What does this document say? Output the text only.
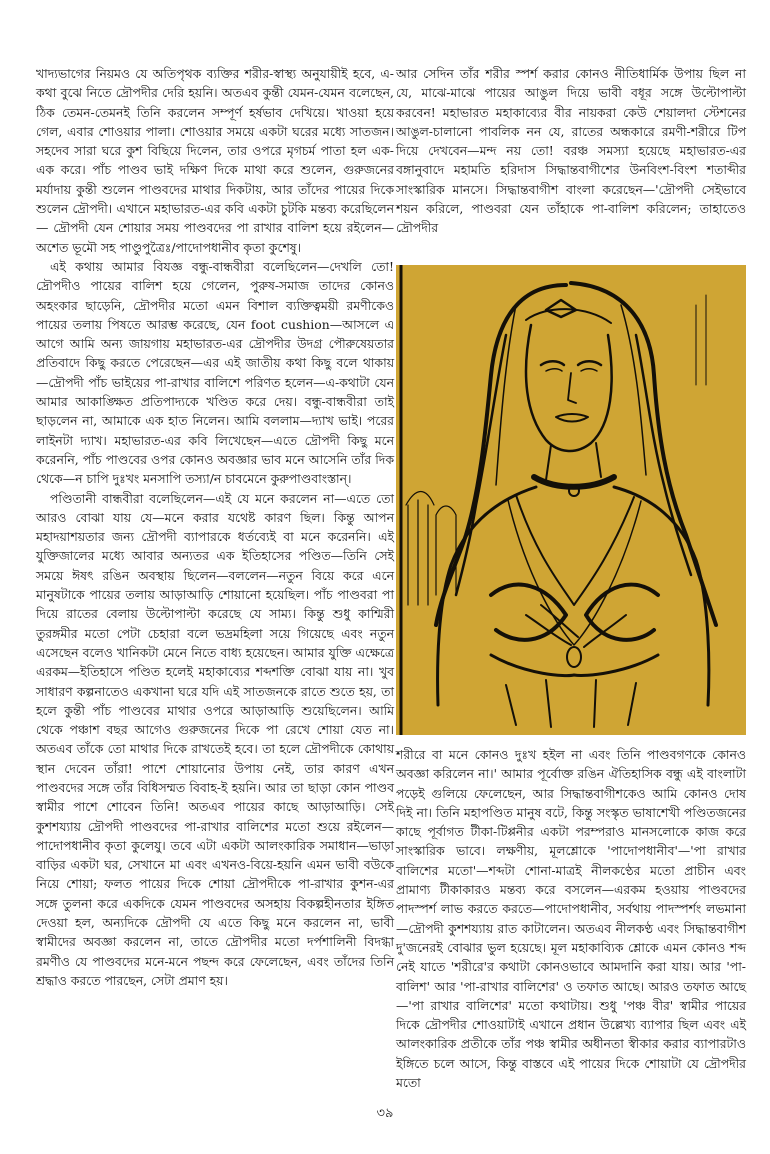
খাদ্যভাগের নিয়মও যে অতিপৃথক ব্যক্তির শরীর-স্বাস্থ্য অনুযায়ীই হবে, এ-কথা বুঝে নিতে দ্রৌপদীর দেরি হয়নি। অতএব কুন্তী যেমন-যেমন বলেছেন, ঠিক তেমন-তেমনই তিনি করলেন সম্পূর্ণ হর্ষভাব দেখিয়ে। খাওয়া হয়ে গেল, এবার শোওয়ার পালা। শোওয়ার সময়ে একটা ঘরের মধ্যে সাতজন। সহদেব সারা ঘরে কুশ বিছিয়ে দিলেন, তার ওপরে মৃগচর্ম পাতা হল এক-এক করে। পাঁচ পাণ্ডব ভাই দক্ষিণ দিকে মাথা করে শুলেন, গুরুজনের মর্যাদায় কুন্তী শুলেন পাণ্ডবদের মাথার দিকটায়, আর তাঁদের পায়ের দিকে শুলেন দ্রৌপদী। এখানে মহাভারত-এর কবি একটা চুটকি মন্তব্য করেছিলেন— দ্রৌপদী যেন শোয়ার সময় পাণ্ডবদের পা রাখার বালিশ হয়ে রইলেন—অশেত ভূমৌ সহ পাণ্ডুপুত্রৈঃ/পাদোপধানীব কৃতা কুশেষু।

এই কথায় আমার বিযজ্ঞ বন্ধু-বান্ধবীরা বলেছিলেন—দেখলি তো! দ্রৌপদীও পায়ের বালিশ হয়ে গেলেন, পুরুষ-সমাজ তাদের কোনও অহংকার ছাড়েনি, দ্রৌপদীর মতো এমন বিশাল ব্যক্তিত্বময়ী রমণীকেও পায়ের তলায় পিষতে আরম্ভ করেছে, যেন foot cushion—আসলে এ আগে আমি অন্য জায়গায় মহাভারত-এর দ্রৌপদীর উদগ্র পৌরুষেয়তার প্রতিবাদে কিছু করতে পেরেছেন—এর এই জাতীয় কথা কিছু বলে থাকায়—দ্রৌপদী পাঁচ ভাইয়ের পা-রাখার বালিশে পরিণত হলেন—এ-কথাটা যেন আমার আকাঙ্ক্ষিত প্রতিপাদ্যকে খণ্ডিত করে দেয়। বন্ধু-বান্ধবীরা তাই ছাড়লেন না, আমাকে এক হাত নিলেন। আমি বললাম—দ্যাখ ভাই। পরের লাইনটা দ্যাখ। মহাভারত-এর কবি লিখেছেন—এতে দ্রৌপদী কিছু মনে করেননি, পাঁচ পাণ্ডবের ওপর কোনও অবজ্ঞার ভাব মনে আসেনি তাঁর দিক থেকে—ন চাপি দুঃখং মনসাপি তস্যা/ন চাবমেনে কুরুপাণ্ডবাংস্তান্।

পণ্ডিতানী বান্ধবীরা বলেছিলেন—এই যে মনে করলেন না—এতে তো আরও বোঝা যায় যে—মনে করার যথেষ্ট কারণ ছিল। কিন্তু আপন মহাদয়াশয়তার জন্য দ্রৌপদী ব্যাপারকে ধর্তব্যেই বা মনে করেননি। এই যুক্তিজালের মধ্যে আবার অন্যতর এক ইতিহাসের পণ্ডিত—তিনি সেই সময়ে ঈষৎ রঙিন অবস্থায় ছিলেন—বললেন—নতুন বিয়ে করে এনে মানুষটাকে পায়ের তলায় আড়াআড়ি শোয়ানো হয়েছিল। পাঁচ পাণ্ডবরা পা দিয়ে রাতের বেলায় উল্টোপাল্টা করেছে যে সাম্য। কিন্তু শুধু কাশ্মিরী তুরঙ্গমীর মতো পেটা চেহারা বলে ভদ্রমহিলা সয়ে গিয়েছে এবং নতুন এসেছেন বলেও খানিকটা মেনে নিতে বাধ্য হয়েছেন। আমার যুক্তি এক্ষেত্রে এরকম—ইতিহাসে পণ্ডিত হলেই মহাকাব্যের শব্দশক্তি বোঝা যায় না। খুব সাধারণ কল্পনাতেও একখানা ঘরে যদি এই সাতজনকে রাতে শুতে হয়, তা হলে কুন্তী পাঁচ পাণ্ডবের মাথার ওপরে আড়াআড়ি শুয়েছিলেন। আমি থেকে পঞ্চাশ বছর আগেও গুরুজনের দিকে পা রেখে শোয়া যেত না। অতএব তাঁকে তো মাথার দিকে রাখতেই হবে। তা হলে দ্রৌপদীকে কোথায় স্থান দেবেন তাঁরা! পাশে শোয়ানোর উপায় নেই, তার কারণ এখন পাণ্ডবদের সঙ্গে তাঁর বিধিসম্মত বিবাহ-ই হয়নি। আর তা ছাড়া কোন পাণ্ডব স্বামীর পাশে শোবেন তিনি! অতএব পায়ের কাছে আড়াআড়ি। সেই কুশশয্যায় দ্রৌপদী পাণ্ডবদের পা-রাখার বালিশের মতো শুয়ে রইলেন—পাদোপধানীব কৃতা কুলেযু। তবে এটা একটা আলংকারিক সমাধান—ভাড়া বাড়ির একটা ঘর, সেখানে মা এবং এখনও-বিয়ে-হয়নি এমন ভাবী বউকে নিয়ে শোয়া; ফলত পায়ের দিকে শোয়া দ্রৌপদীকে পা-রাখার কুশন-এর সঙ্গে তুলনা করে একদিকে যেমন পাণ্ডবদের অসহায় বিকল্পহীনতার ইঙ্গিত দেওয়া হল, অন্যদিকে দ্রৌপদী যে এতে কিছু মনে করলেন না, ভাবী স্বামীদের অবজ্ঞা করলেন না, তাতে দ্রৌপদীর মতো দর্পশালিনী বিদগ্ধা রমণীও যে পাণ্ডবদের মনে-মনে পছন্দ করে ফেলেছেন, এবং তাঁদের তিনি শ্রদ্ধাও করতে পারছেন, সেটা প্রমাণ হয়।

আর সেদিন তাঁর শরীর স্পর্শ করার কোনও নীতিধার্মিক উপায় ছিল না যে, মাঝে-মাঝে পায়ের আঙুল দিয়ে ভাবী বধূর সঙ্গে উল্টোপাল্টা করবেন! মহাভারত মহাকাব্যের বীর নায়করা কেউ শেয়ালদা স্টেশনের আঙুল-চালানো পাবলিক নন যে, রাতের অন্ধকারে রমণী-শরীরে টিপ দিয়ে দেখবেন—মন্দ নয় তো! বরঞ্চ সমস্যা হয়েছে মহাভারত-এর বঙ্গানুবাদে মহামতি হরিদাস সিদ্ধান্তবাগীশের উনবিংশ-বিংশ শতাব্দীর সাংস্কারিক মানসে। সিদ্ধান্তবাগীশ বাংলা করেছেন—'দ্রৌপদী সেইভাবে শয়ন করিলে, পাণ্ডবরা যেন তাঁহাকে পা-বালিশ করিলেন; তাহাতেও দ্রৌপদীর

শরীরে বা মনে কোনও দুঃখ হইল না এবং তিনি পাণ্ডবগণকে কোনও অবজ্ঞা করিলেন না।' আমার পূর্বোক্ত রঙিন ঐতিহাসিক বন্ধু এই বাংলাটা পড়েই গুলিয়ে ফেলেছেন, আর সিদ্ধান্তবাগীশকেও আমি কোনও দোষ দিই না। তিনি মহাপণ্ডিত মানুষ বটে, কিন্তু সংস্কৃত ভাষাশেখী পণ্ডিতজনের কাছে পূর্বাগত টীকা-টিপ্পনীর একটা পরম্পরাও মানসলোকে কাজ করে সাংস্কারিক ভাবে। লক্ষণীয়, মূলশ্লোকে 'পাদোপধানীব'—'পা রাখার বালিশের মতো'—শব্দটা শোনা-মাত্রই নীলকণ্ঠের মতো প্রাচীন এবং প্রামাণ্য টীকাকারও মন্তব্য করে বসলেন—এরকম হওয়ায় পাণ্ডবদের পাদস্পর্শ লাভ করতে করতে—পাদোপধানীব, সর্বথায় পাদস্পর্শং লভমানা—দ্রৌপদী কুশশয্যায় রাত কাটালেন। অতএব নীলকণ্ঠ এবং সিদ্ধান্তবাগীশ দু'জনেরই বোঝার ভুল হয়েছে। মূল মহাকাব্যিক শ্লোকে এমন কোনও শব্দ নেই যাতে 'শরীরে'র কথাটা কোনওভাবে আমদানি করা যায়। আর 'পা-বালিশ' আর 'পা-রাখার বালিশের' ও তফাত আছে। আরও তফাত আছে—'পা রাখার বালিশের' মতো কথাটায়। শুধু 'পঞ্চ বীর' স্বামীর পায়ের দিকে দ্রৌপদীর শোওয়াটাই এখানে প্রধান উল্লেখ্য ব্যাপার ছিল এবং এই আলংকারিক প্রতীকে তাঁর পঞ্চ স্বামীর অধীনতা স্বীকার করার ব্যাপারটাও ইঙ্গিতে চলে আসে, কিন্তু বাস্তবে এই পায়ের দিকে শোয়াটা যে দ্রৌপদীর মতো

৩৯
